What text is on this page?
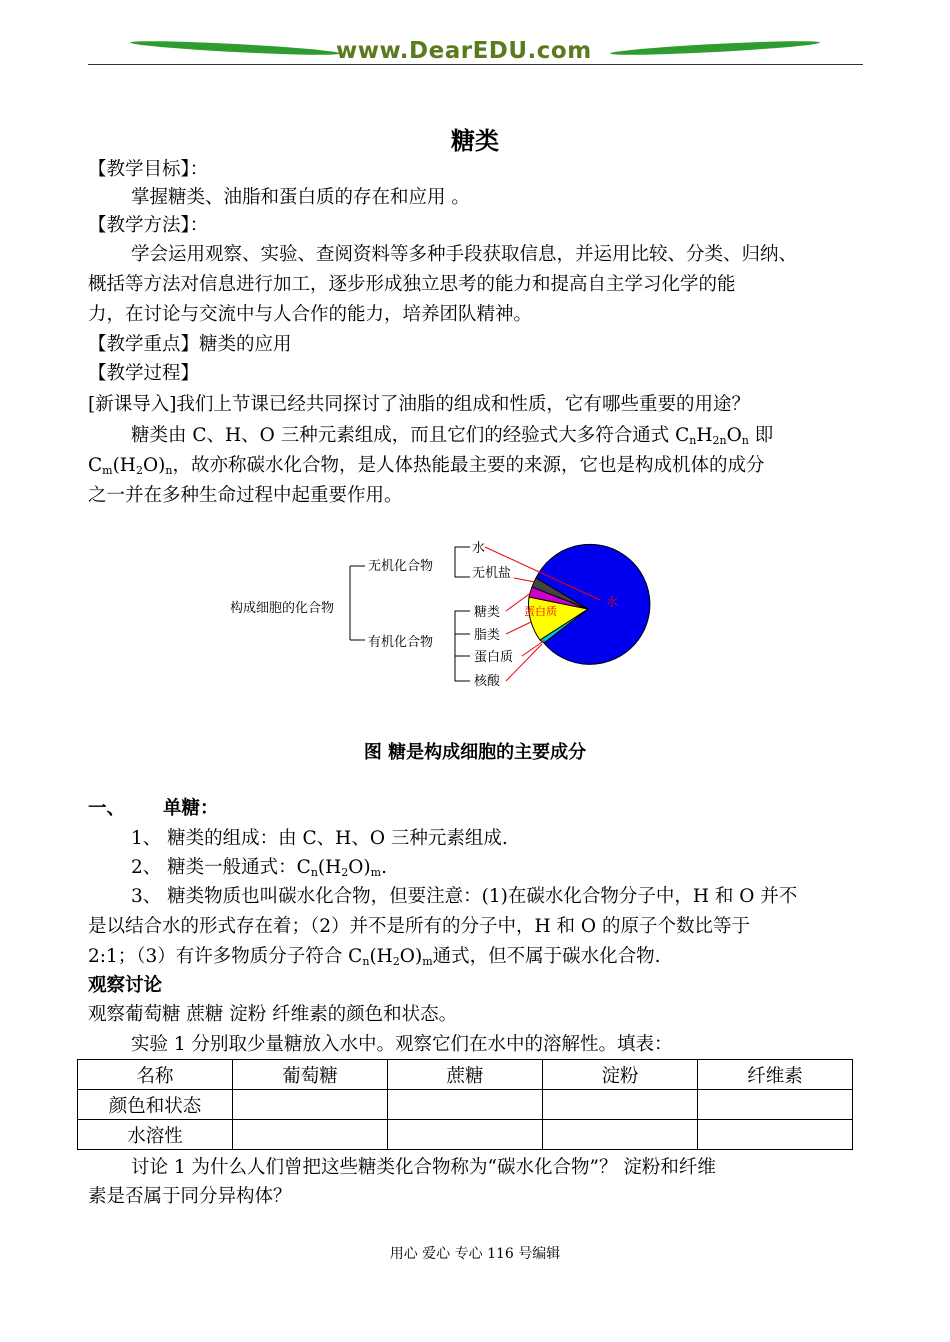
www.DearEDU.com
糖类
【教学目标】：
掌握糖类、油脂和蛋白质的存在和应用 。
【教学方法】：
学会运用观察、实验、查阅资料等多种手段获取信息，并运用比较、分类、归纳、
概括等方法对信息进行加工，逐步形成独立思考的能力和提高自主学习化学的能
力，在讨论与交流中与人合作的能力，培养团队精神。
【教学重点】糖类的应用
【教学过程】
[新课导入]我们上节课已经共同探讨了油脂的组成和性质，它有哪些重要的用途？
糖类由 C、H、O 三种元素组成，而且它们的经验式大多符合通式 $C_nH_{2n}O_n$ 即
$C_m(H_2O)_n$，故亦称碳水化合物，是人体热能最主要的来源，它也是构成机体的成分
之一并在多种生命过程中起重要作用。
构成细胞的化合物
无机化合物
有机化合物
水
无机盐
糖类
脂类
蛋白质
核酸
水
蛋白质
图 糖是构成细胞的主要成分
一、 单糖：
1、 糖类的组成：由 C、H、O 三种元素组成.
2、 糖类一般通式：$C_n(H_2O)_m$.
3、 糖类物质也叫碳水化合物，但要注意：(1)在碳水化合物分子中，H 和 O 并不
是以结合水的形式存在着；（2）并不是所有的分子中，H 和 O 的原子个数比等于
2:1；（3）有许多物质分子符合 $C_n(H_2O)_m$通式，但不属于碳水化合物.
观察讨论
观察葡萄糖 蔗糖 淀粉 纤维素的颜色和状态。
实验 1 分别取少量糖放入水中。观察它们在水中的溶解性。填表：
名称	葡萄糖	蔗糖	淀粉	纤维素
颜色和状态				
水溶性				
讨论 1 为什么人们曾把这些糖类化合物称为“碳水化合物”？ 淀粉和纤维
素是否属于同分异构体？
用心 爱心 专心 116 号编辑
